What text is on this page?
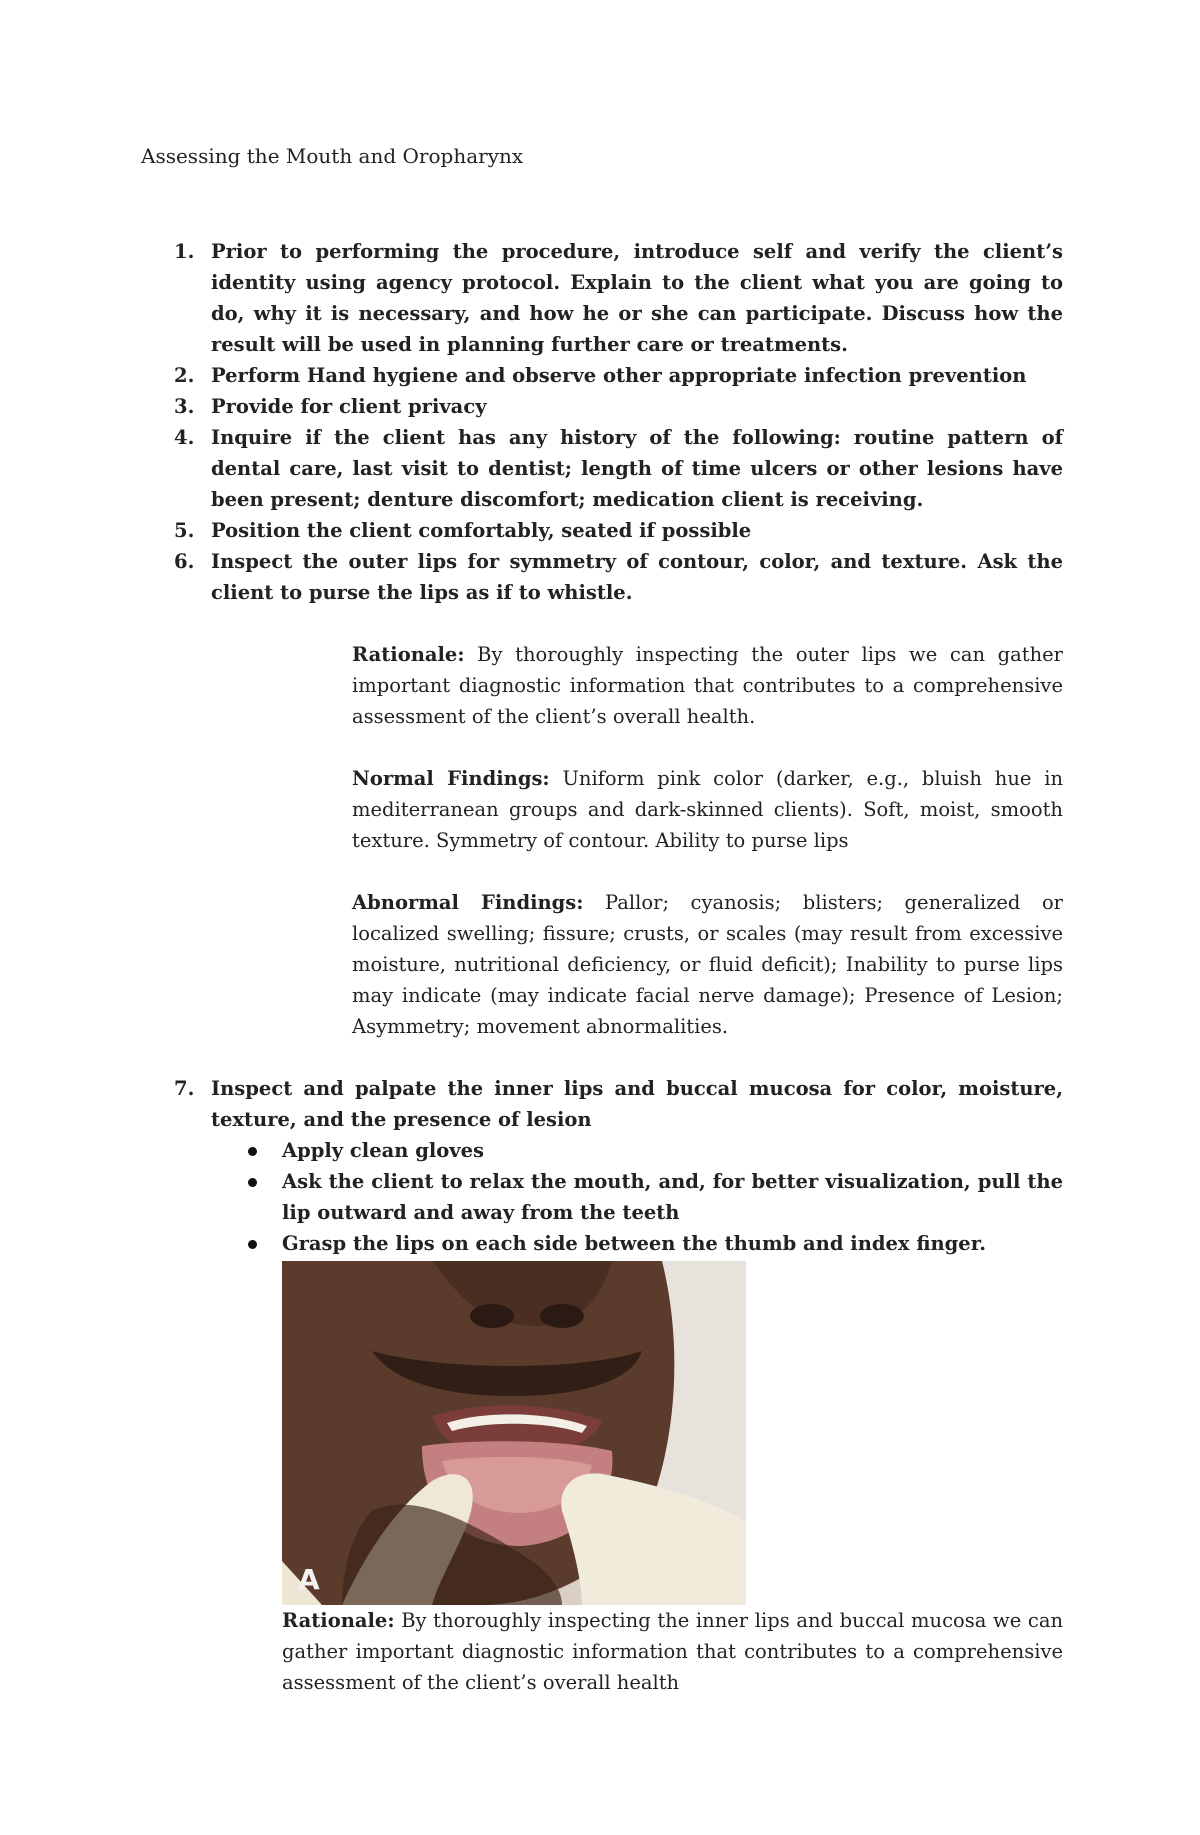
Assessing the Mouth and Oropharynx
1. Prior to performing the procedure, introduce self and verify the client’s identity using agency protocol. Explain to the client what you are going to do, why it is necessary, and how he or she can participate. Discuss how the result will be used in planning further care or treatments.
2. Perform Hand hygiene and observe other appropriate infection prevention
3. Provide for client privacy
4. Inquire if the client has any history of the following: routine pattern of dental care, last visit to dentist; length of time ulcers or other lesions have been present; denture discomfort; medication client is receiving.
5. Position the client comfortably, seated if possible
6. Inspect the outer lips for symmetry of contour, color, and texture. Ask the client to purse the lips as if to whistle.
Rationale: By thoroughly inspecting the outer lips we can gather important diagnostic information that contributes to a comprehensive assessment of the client’s overall health.
Normal Findings: Uniform pink color (darker, e.g., bluish hue in mediterranean groups and dark-skinned clients). Soft, moist, smooth texture. Symmetry of contour. Ability to purse lips
Abnormal Findings: Pallor; cyanosis; blisters; generalized or localized swelling; fissure; crusts, or scales (may result from excessive moisture, nutritional deficiency, or fluid deficit); Inability to purse lips may indicate (may indicate facial nerve damage); Presence of Lesion; Asymmetry; movement abnormalities.
7. Inspect and palpate the inner lips and buccal mucosa for color, moisture, texture, and the presence of lesion
Apply clean gloves
Ask the client to relax the mouth, and, for better visualization, pull the lip outward and away from the teeth
Grasp the lips on each side between the thumb and index finger.
A
Rationale: By thoroughly inspecting the inner lips and buccal mucosa we can gather important diagnostic information that contributes to a comprehensive assessment of the client’s overall health
